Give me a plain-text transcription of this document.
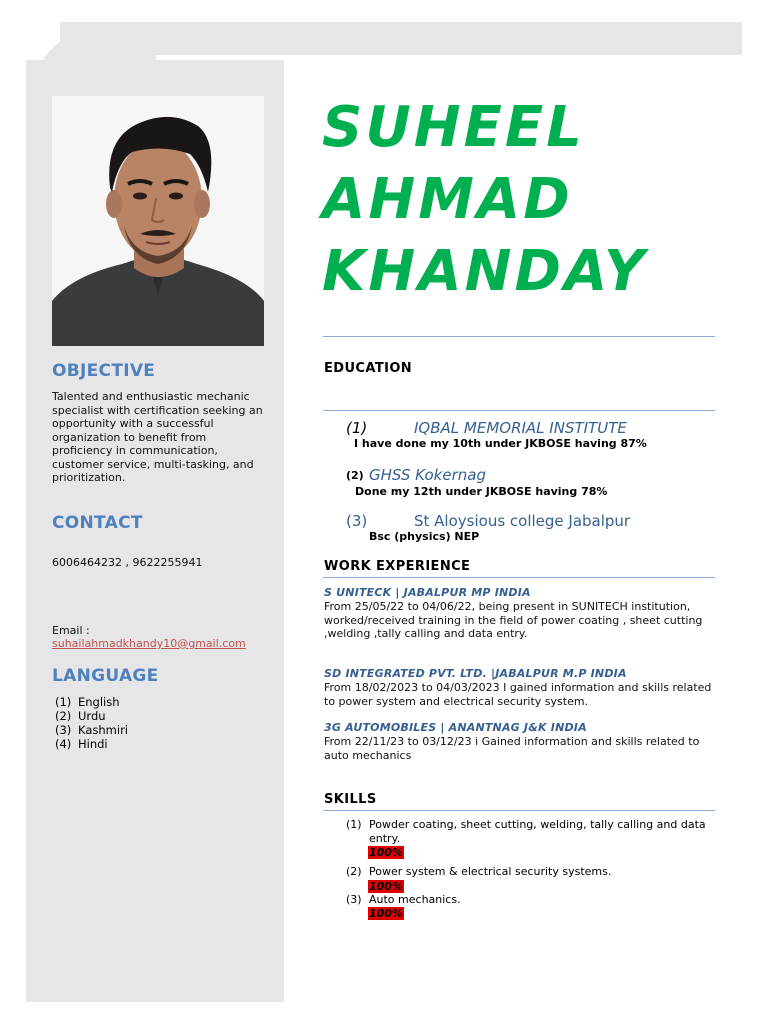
OBJECTIVE
Talented and enthusiastic mechanic specialist with certification seeking an opportunity with a successful organization to benefit from proficiency in communication, customer service, multi-tasking, and prioritization.
CONTACT
6006464232 , 9622255941
Email :
suhailahmadkhandy10@gmail.com
LANGUAGE
(1) English
(2) Urdu
(3) Kashmiri
(4) Hindi
SUHEEL
AHMAD
KHANDAY
EDUCATION
(1)	IQBAL MEMORIAL INSTITUTE
I have done my 10th under JKBOSE having 87%
(2) GHSS Kokernag
Done my 12th under JKBOSE having 78%
(3)	St Aloysious college Jabalpur
Bsc (physics) NEP
WORK EXPERIENCE
S UNITECK | JABALPUR MP INDIA
From 25/05/22 to 04/06/22, being present in SUNITECH institution, worked/received training in the field of power coating , sheet cutting ,welding ,tally calling and data entry.
SD INTEGRATED PVT. LTD. |JABALPUR M.P INDIA
From 18/02/2023 to 04/03/2023 I gained information and skills related to power system and electrical security system.
3G AUTOMOBILES | ANANTNAG J&K INDIA
From 22/11/23 to 03/12/23 i Gained information and skills related to auto mechanics
SKILLS
(1) Powder coating, sheet cutting, welding, tally calling and data entry.
100%
(2) Power system & electrical security systems.
100%
(3) Auto mechanics.
100%
